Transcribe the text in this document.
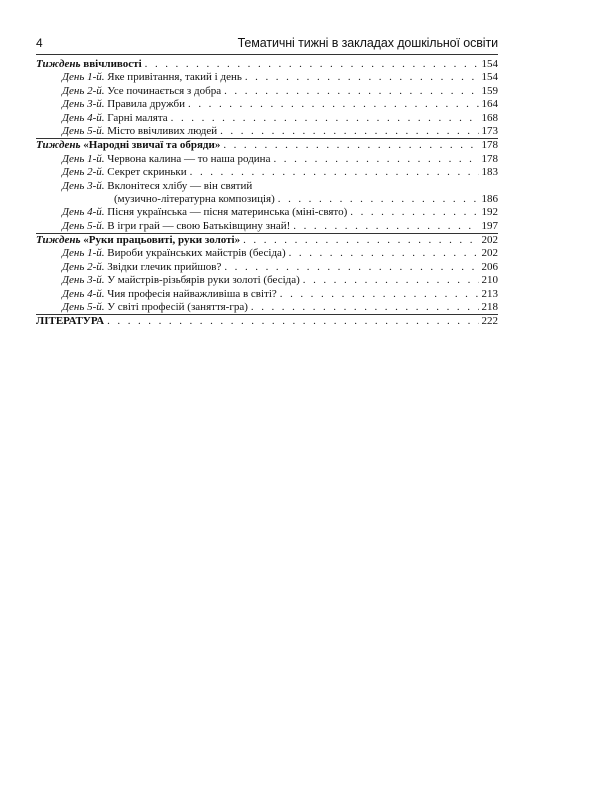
4	Тематичні тижні в закладах дошкільної освіти
Тиждень ввічливості . . .	154
День 1-й. Яке привітання, такий і день . . .	154
День 2-й. Усе починається з добра . . .	159
День 3-й. Правила дружби . . .	164
День 4-й. Гарні малята . . .	168
День 5-й. Місто ввічливих людей . . .	173
Тиждень «Народні звичаї та обряди» . . .	178
День 1-й. Червона калина — то наша родина . . .	178
День 2-й. Секрет скриньки . . .	183
День 3-й. Вклонітеся хлібу — він святий
(музично-літературна композиція) . . .	186
День 4-й. Пісня українська — пісня материнська (міні-свято) . . .	192
День 5-й. В ігри грай — свою Батьківщину знай! . . .	197
Тиждень «Руки працьовиті, руки золоті» . . .	202
День 1-й. Вироби українських майстрів (бесіда) . . .	202
День 2-й. Звідки глечик прийшов? . . .	206
День 3-й. У майстрів-різьбярів руки золоті (бесіда) . . .	210
День 4-й. Чия професія найважливіша в світі? . . .	213
День 5-й. У світі професій (заняття-гра) . . .	218
ЛІТЕРАТУРА . . .	222
